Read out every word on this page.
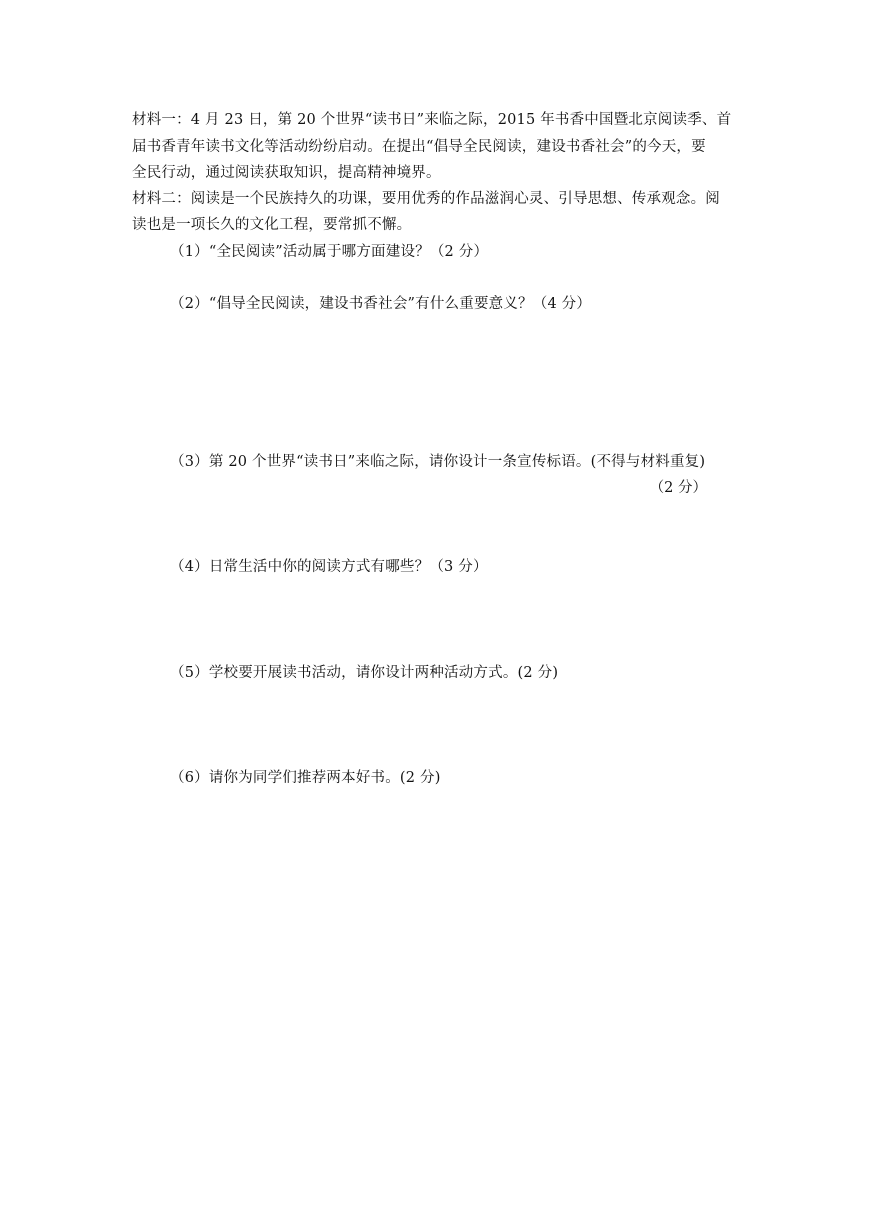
材料一：4 月 23 日，第 20 个世界“读书日”来临之际，2015 年书香中国暨北京阅读季、首
届书香青年读书文化等活动纷纷启动。在提出“倡导全民阅读，建设书香社会”的今天，要
全民行动，通过阅读获取知识，提高精神境界。
材料二：阅读是一个民族持久的功课，要用优秀的作品滋润心灵、引导思想、传承观念。阅
读也是一项长久的文化工程，要常抓不懈。
（1）“全民阅读”活动属于哪方面建设？（2 分）
（2）“倡导全民阅读，建设书香社会”有什么重要意义？（4 分）
（3）第 20 个世界“读书日”来临之际，请你设计一条宣传标语。(不得与材料重复)
（2 分）
（4）日常生活中你的阅读方式有哪些？（3 分）
（5）学校要开展读书活动，请你设计两种活动方式。(2 分)
（6）请你为同学们推荐两本好书。(2 分)
